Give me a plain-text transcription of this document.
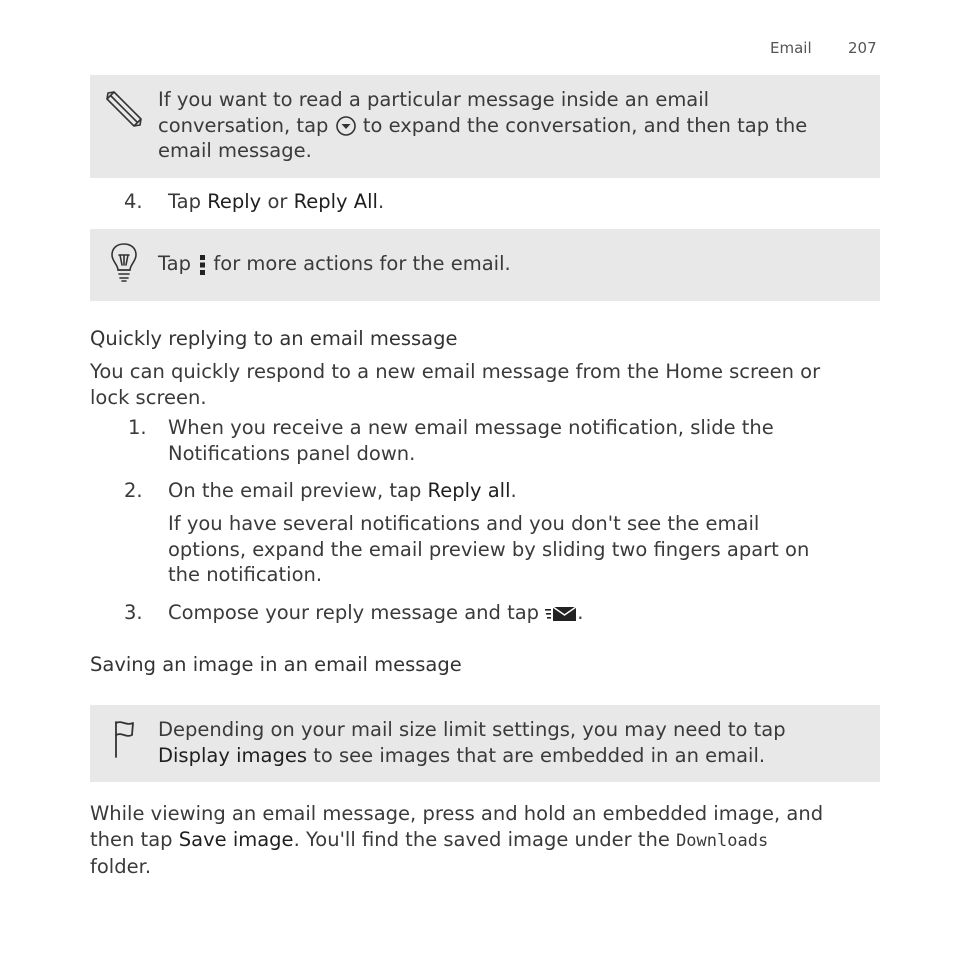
Email 207
If you want to read a particular message inside an email
conversation, tap to expand the conversation, and then tap the
email message.
4. Tap Reply or Reply All.
Tap for more actions for the email.
Quickly replying to an email message
You can quickly respond to a new email message from the Home screen or
lock screen.
1. When you receive a new email message notification, slide the
Notifications panel down.
2. On the email preview, tap Reply all.
If you have several notifications and you don't see the email
options, expand the email preview by sliding two fingers apart on
the notification.
3. Compose your reply message and tap .
Saving an image in an email message
Depending on your mail size limit settings, you may need to tap
Display images to see images that are embedded in an email.
While viewing an email message, press and hold an embedded image, and
then tap Save image. You'll find the saved image under the Downloads
folder.
